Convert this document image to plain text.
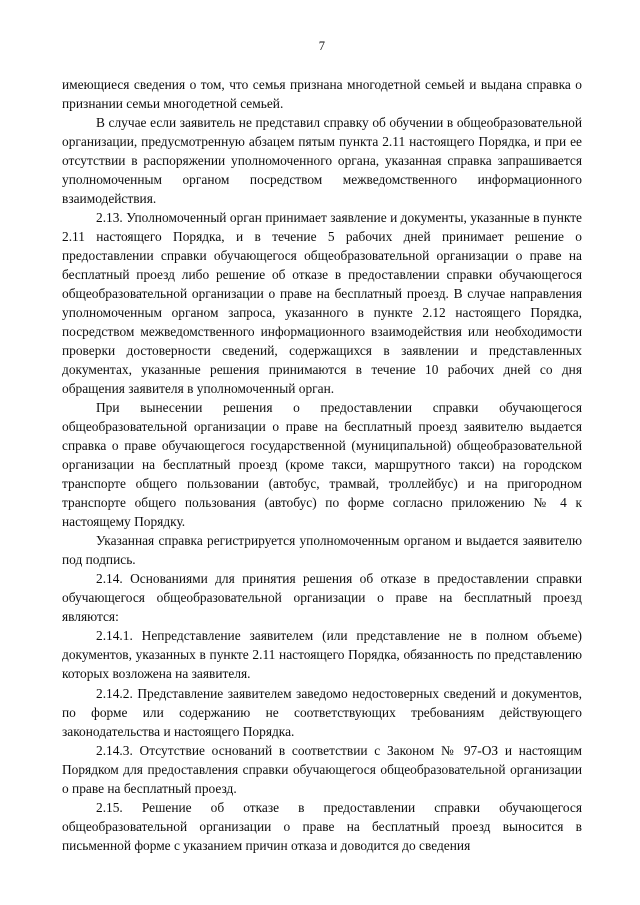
7

имеющиеся сведения о том, что семья признана многодетной семьей и выдана справка о признании семьи многодетной семьей.

В случае если заявитель не представил справку об обучении в общеобразовательной организации, предусмотренную абзацем пятым пункта 2.11 настоящего Порядка, и при ее отсутствии в распоряжении уполномоченного органа, указанная справка запрашивается уполномоченным органом посредством межведомственного информационного взаимодействия.

2.13. Уполномоченный орган принимает заявление и документы, указанные в пункте 2.11 настоящего Порядка, и в течение 5 рабочих дней принимает решение о предоставлении справки обучающегося общеобразовательной организации о праве на бесплатный проезд либо решение об отказе в предоставлении справки обучающегося общеобразовательной организации о праве на бесплатный проезд. В случае направления уполномоченным органом запроса, указанного в пункте 2.12 настоящего Порядка, посредством межведомственного информационного взаимодействия или необходимости проверки достоверности сведений, содержащихся в заявлении и представленных документах, указанные решения принимаются в течение 10 рабочих дней со дня обращения заявителя в уполномоченный орган.

При вынесении решения о предоставлении справки обучающегося общеобразовательной организации о праве на бесплатный проезд заявителю выдается справка о праве обучающегося государственной (муниципальной) общеобразовательной организации на бесплатный проезд (кроме такси, маршрутного такси) на городском транспорте общего пользовании (автобус, трамвай, троллейбус) и на пригородном транспорте общего пользования (автобус) по форме согласно приложению № 4 к настоящему Порядку.

Указанная справка регистрируется уполномоченным органом и выдается заявителю под подпись.

2.14. Основаниями для принятия решения об отказе в предоставлении справки обучающегося общеобразовательной организации о праве на бесплатный проезд являются:

2.14.1. Непредставление заявителем (или представление не в полном объеме) документов, указанных в пункте 2.11 настоящего Порядка, обязанность по представлению которых возложена на заявителя.

2.14.2. Представление заявителем заведомо недостоверных сведений и документов, по форме или содержанию не соответствующих требованиям действующего законодательства и настоящего Порядка.

2.14.3. Отсутствие оснований в соответствии с Законом № 97-ОЗ и настоящим Порядком для предоставления справки обучающегося общеобразовательной организации о праве на бесплатный проезд.

2.15. Решение об отказе в предоставлении справки обучающегося общеобразовательной организации о праве на бесплатный проезд выносится в письменной форме с указанием причин отказа и доводится до сведения
